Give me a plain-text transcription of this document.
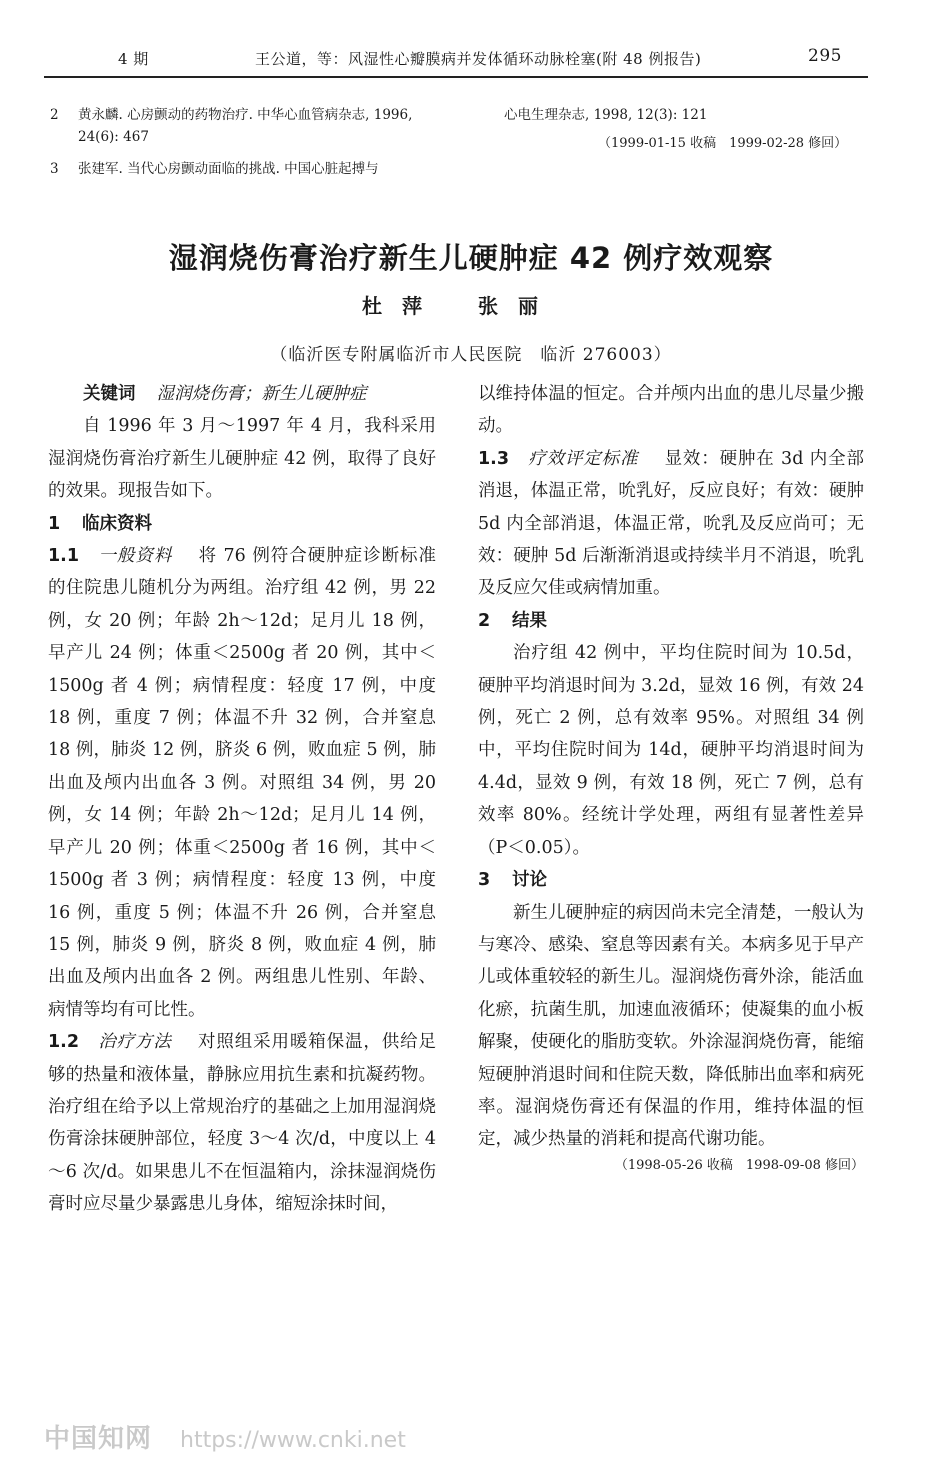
4 期	王公道，等：风湿性心瓣膜病并发体循环动脉栓塞(附 48 例报告)	295
2 黄永麟. 心房颤动的药物治疗. 中华心血管病杂志, 1996, 24(6): 467
3 张建军. 当代心房颤动面临的挑战. 中国心脏起搏与
心电生理杂志, 1998, 12(3): 121
（1999-01-15 收稿　1999-02-28 修回）
湿润烧伤膏治疗新生儿硬肿症 42 例疗效观察
杜　萍	张　丽
（临沂医专附属临沂市人民医院　临沂 276003）

关键词 湿润烧伤膏；新生儿硬肿症

自 1996 年 3 月～1997 年 4 月，我科采用湿润烧伤膏治疗新生儿硬肿症 42 例，取得了良好的效果。现报告如下。

1 临床资料

1.1　 一般资料 将 76 例符合硬肿症诊断标准的住院患儿随机分为两组。治疗组 42 例，男 22 例，女 20 例；年龄 2h～12d；足月儿 18 例，早产儿 24 例；体重＜2500g 者 20 例，其中＜1500g 者 4 例；病情程度：轻度 17 例，中度 18 例，重度 7 例；体温不升 32 例，合并窒息 18 例，肺炎 12 例，脐炎 6 例，败血症 5 例，肺出血及颅内出血各 3 例。对照组 34 例，男 20 例，女 14 例；年龄 2h～12d；足月儿 14 例，早产儿 20 例；体重＜2500g 者 16 例，其中＜1500g 者 3 例；病情程度：轻度 13 例，中度 16 例，重度 5 例；体温不升 26 例，合并窒息 15 例，肺炎 9 例，脐炎 8 例，败血症 4 例，肺出血及颅内出血各 2 例。两组患儿性别、年龄、病情等均有可比性。

1.2　 治疗方法 对照组采用暖箱保温，供给足够的热量和液体量，静脉应用抗生素和抗凝药物。治疗组在给予以上常规治疗的基础之上加用湿润烧伤膏涂抹硬肿部位，轻度 3～4 次/d，中度以上 4～6 次/d。如果患儿不在恒温箱内，涂抹湿润烧伤膏时应尽量少暴露患儿身体，缩短涂抹时间，

以维持体温的恒定。合并颅内出血的患儿尽量少搬动。

1.3　 疗效评定标准 显效：硬肿在 3d 内全部消退，体温正常，吮乳好，反应良好；有效：硬肿 5d 内全部消退，体温正常，吮乳及反应尚可；无效：硬肿 5d 后渐渐消退或持续半月不消退，吮乳及反应欠佳或病情加重。

2 结果

治疗组 42 例中，平均住院时间为 10.5d，硬肿平均消退时间为 3.2d，显效 16 例，有效 24 例，死亡 2 例，总有效率 95%。对照组 34 例中，平均住院时间为 14d，硬肿平均消退时间为 4.4d，显效 9 例，有效 18 例，死亡 7 例，总有效率 80%。经统计学处理，两组有显著性差异（P＜0.05）。

3 讨论

新生儿硬肿症的病因尚未完全清楚，一般认为与寒冷、感染、窒息等因素有关。本病多见于早产儿或体重较轻的新生儿。湿润烧伤膏外涂，能活血化瘀，抗菌生肌，加速血液循环；使凝集的血小板解聚，使硬化的脂肪变软。外涂湿润烧伤膏，能缩短硬肿消退时间和住院天数，降低肺出血率和病死率。湿润烧伤膏还有保温的作用，维持体温的恒定，减少热量的消耗和提高代谢功能。

（1998-05-26 收稿　1998-09-08 修回）

中国知网 https://www.cnki.net
